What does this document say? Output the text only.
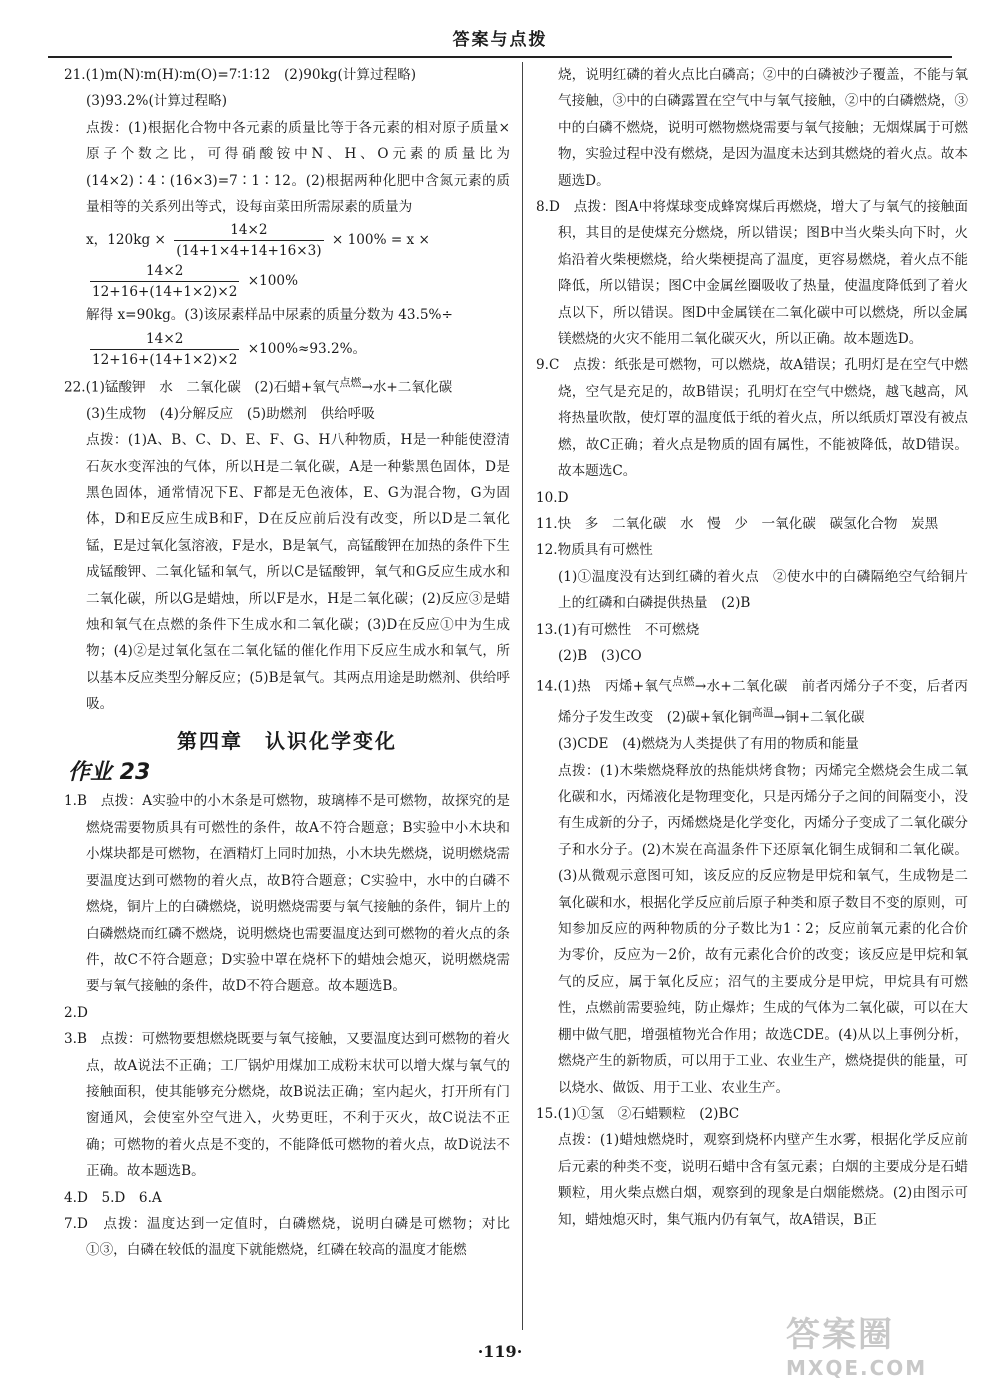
答案与点拨

21.(1)m(N)∶m(H)∶m(O)=7∶1∶12　(2)90kg(计算过程略)

(3)93.2%(计算过程略)

点拨：(1)根据化合物中各元素的质量比等于各元素的相对原子质量×原子个数之比，可得硝酸铵中N、H、O元素的质量比为(14×2)∶4∶(16×3)=7∶1∶12。(2)根据两种化肥中含氮元素的质量相等的关系列出等式，设每亩菜田所需尿素的质量为

x，$120kg \times \frac{14\times 2}{(14+1\times 4+14+16\times 3)} \times 100\% = x$ ×

$\frac{14\times 2}{12+16+(14+1\times 2)\times 2} \times 100\%$

解得 x=90kg。(3)该尿素样品中尿素的质量分数为 43.5%÷

$\frac{14\times 2}{12+16+(14+1\times 2)\times 2} \times 100\%\approx 93.2\%$。

22.(1)锰酸钾　水　二氧化碳　(2)石蜡+氧气$^{点燃}$→水+二氧化碳

(3)生成物　(4)分解反应　(5)助燃剂　供给呼吸

点拨：(1)A、B、C、D、E、F、G、H八种物质，H是一种能使澄清石灰水变浑浊的气体，所以H是二氧化碳，A是一种紫黑色固体，D是黑色固体，通常情况下E、F都是无色液体，E、G为混合物，G为固体，D和E反应生成B和F，D在反应前后没有改变，所以D是二氧化锰，E是过氧化氢溶液，F是水，B是氧气，高锰酸钾在加热的条件下生成锰酸钾、二氧化锰和氧气，所以C是锰酸钾，氧气和G反应生成水和二氧化碳，所以G是蜡烛，所以F是水，H是二氧化碳；(2)反应③是蜡烛和氧气在点燃的条件下生成水和二氧化碳；(3)D在反应①中为生成物；(4)②是过氧化氢在二氧化锰的催化作用下反应生成水和氧气，所以基本反应类型分解反应；(5)B是氧气。其两点用途是助燃剂、供给呼吸。

第四章　认识化学变化
作业 23

1.B　点拨：A实验中的小木条是可燃物，玻璃棒不是可燃物，故探究的是燃烧需要物质具有可燃性的条件，故A不符合题意；B实验中小木块和小煤块都是可燃物，在酒精灯上同时加热，小木块先燃烧，说明燃烧需要温度达到可燃物的着火点，故B符合题意；C实验中，水中的白磷不燃烧，铜片上的白磷燃烧，说明燃烧需要与氧气接触的条件，铜片上的白磷燃烧而红磷不燃烧，说明燃烧也需要温度达到可燃物的着火点的条件，故C不符合题意；D实验中罩在烧杯下的蜡烛会熄灭，说明燃烧需要与氧气接触的条件，故D不符合题意。故本题选B。

2.D

3.B　点拨：可燃物要想燃烧既要与氧气接触，又要温度达到可燃物的着火点，故A说法不正确；工厂锅炉用煤加工成粉末状可以增大煤与氧气的接触面积，使其能够充分燃烧，故B说法正确；室内起火，打开所有门窗通风，会使室外空气进入，火势更旺，不利于灭火，故C说法不正确；可燃物的着火点是不变的，不能降低可燃物的着火点，故D说法不正确。故本题选B。

4.D　5.D　6.A

7.D　点拨：温度达到一定值时，白磷燃烧，说明白磷是可燃物；对比①③，白磷在较低的温度下就能燃烧，红磷在较高的温度才能燃

烧，说明红磷的着火点比白磷高；②中的白磷被沙子覆盖，不能与氧气接触，③中的白磷露置在空气中与氧气接触，②中的白磷燃烧，③中的白磷不燃烧，说明可燃物燃烧需要与氧气接触；无烟煤属于可燃物，实验过程中没有燃烧，是因为温度未达到其燃烧的着火点。故本题选D。

8.D　点拨：图A中将煤球变成蜂窝煤后再燃烧，增大了与氧气的接触面积，其目的是使煤充分燃烧，所以错误；图B中当火柴头向下时，火焰沿着火柴梗燃烧，给火柴梗提高了温度，更容易燃烧，着火点不能降低，所以错误；图C中金属丝圈吸收了热量，使温度降低到了着火点以下，所以错误。图D中金属镁在二氧化碳中可以燃烧，所以金属镁燃烧的火灾不能用二氧化碳灭火，所以正确。故本题选D。

9.C　点拨：纸张是可燃物，可以燃烧，故A错误；孔明灯是在空气中燃烧，空气是充足的，故B错误；孔明灯在空气中燃烧，越飞越高，风将热量吹散，使灯罩的温度低于纸的着火点，所以纸质灯罩没有被点燃，故C正确；着火点是物质的固有属性，不能被降低，故D错误。故本题选C。

10.D

11.快　多　二氧化碳　水　慢　少　一氧化碳　碳氢化合物　炭黑

12.物质具有可燃性

(1)①温度没有达到红磷的着火点　②使水中的白磷隔绝空气给铜片上的红磷和白磷提供热量　(2)B

13.(1)有可燃性　不可燃烧

(2)B　(3)CO

14.(1)热　丙烯+氧气$^{点燃}$→水+二氧化碳　前者丙烯分子不变，后者丙烯分子发生改变　(2)碳+氧化铜$^{高温}$→铜+二氧化碳

(3)CDE　(4)燃烧为人类提供了有用的物质和能量

点拨：(1)木柴燃烧释放的热能烘烤食物；丙烯完全燃烧会生成二氧化碳和水，丙烯液化是物理变化，只是丙烯分子之间的间隔变小，没有生成新的分子，丙烯燃烧是化学变化，丙烯分子变成了二氧化碳分子和水分子。(2)木炭在高温条件下还原氧化铜生成铜和二氧化碳。(3)从微观示意图可知，该反应的反应物是甲烷和氧气，生成物是二氧化碳和水，根据化学反应前后原子种类和原子数目不变的原则，可知参加反应的两种物质的分子数比为1∶2；反应前氧元素的化合价为零价，反应为－2价，故有元素化合价的改变；该反应是甲烷和氧气的反应，属于氧化反应；沼气的主要成分是甲烷，甲烷具有可燃性，点燃前需要验纯，防止爆炸；生成的气体为二氧化碳，可以在大棚中做气肥，增强植物光合作用；故选CDE。(4)从以上事例分析，燃烧产生的新物质，可以用于工业、农业生产，燃烧提供的能量，可以烧水、做饭、用于工业、农业生产。

15.(1)①氢　②石蜡颗粒　(2)BC

点拨：(1)蜡烛燃烧时，观察到烧杯内壁产生水雾，根据化学反应前后元素的种类不变，说明石蜡中含有氢元素；白烟的主要成分是石蜡颗粒，用火柴点燃白烟，观察到的现象是白烟能燃烧。(2)由图示可知，蜡烛熄灭时，集气瓶内仍有氧气，故A错误，B正

·119·	答案圈
MXQE.COM
